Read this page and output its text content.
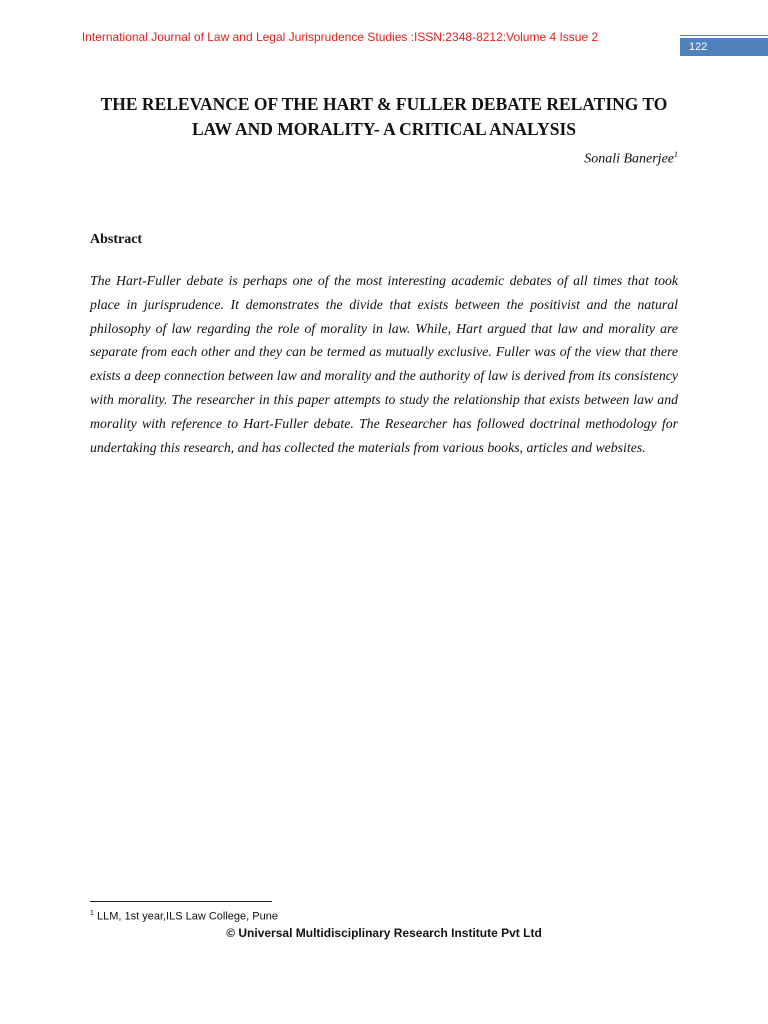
International Journal of Law and Legal Jurisprudence Studies :ISSN:2348-8212:Volume 4 Issue 2
122
THE RELEVANCE OF THE HART & FULLER DEBATE RELATING TO
LAW AND MORALITY- A CRITICAL ANALYSIS
Sonali Banerjee$^1$
Abstract

The Hart-Fuller debate is perhaps one of the most interesting academic debates of all times that took place in jurisprudence. It demonstrates the divide that exists between the positivist and the natural philosophy of law regarding the role of morality in law. While, Hart argued that law and morality are separate from each other and they can be termed as mutually exclusive. Fuller was of the view that there exists a deep connection between law and morality and the authority of law is derived from its consistency with morality. The researcher in this paper attempts to study the relationship that exists between law and morality with reference to Hart-Fuller debate. The Researcher has followed doctrinal methodology for undertaking this research, and has collected the materials from various books, articles and websites.

$^1$ LLM, 1st year,ILS Law College, Pune
© Universal Multidisciplinary Research Institute Pvt Ltd
